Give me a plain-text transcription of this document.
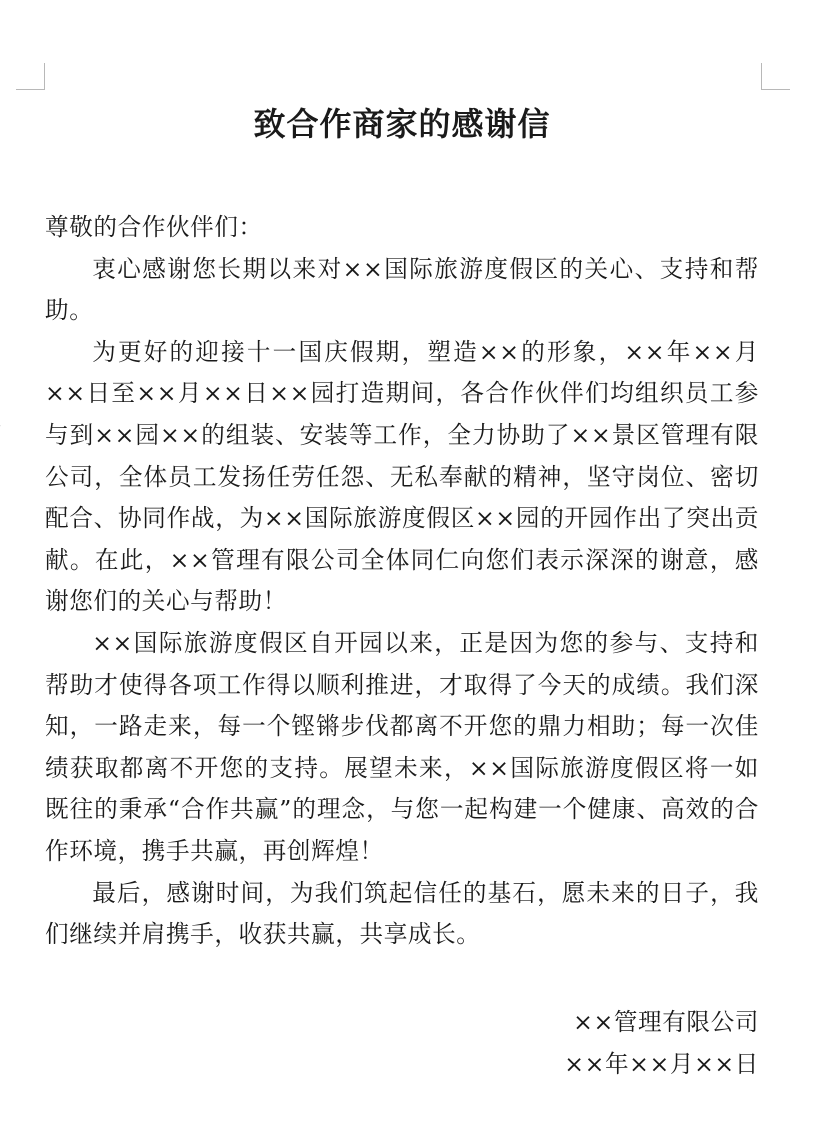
致合作商家的感谢信

尊敬的合作伙伴们：

衷心感谢您长期以来对××国际旅游度假区的关心、支持和帮助。

为更好的迎接十一国庆假期，塑造××的形象，××年××月××日至××月××日××园打造期间，各合作伙伴们均组织员工参与到××园××的组装、安装等工作，全力协助了××景区管理有限公司，全体员工发扬任劳任怨、无私奉献的精神，坚守岗位、密切配合、协同作战，为××国际旅游度假区××园的开园作出了突出贡献。在此，××管理有限公司全体同仁向您们表示深深的谢意，感谢您们的关心与帮助！

××国际旅游度假区自开园以来，正是因为您的参与、支持和帮助才使得各项工作得以顺利推进，才取得了今天的成绩。我们深知，一路走来，每一个铿锵步伐都离不开您的鼎力相助；每一次佳绩获取都离不开您的支持。展望未来，××国际旅游度假区将一如既往的秉承“合作共赢”的理念，与您一起构建一个健康、高效的合作环境，携手共赢，再创辉煌！

最后，感谢时间，为我们筑起信任的基石，愿未来的日子，我们继续并肩携手，收获共赢，共享成长。

××管理有限公司
××年××月××日
